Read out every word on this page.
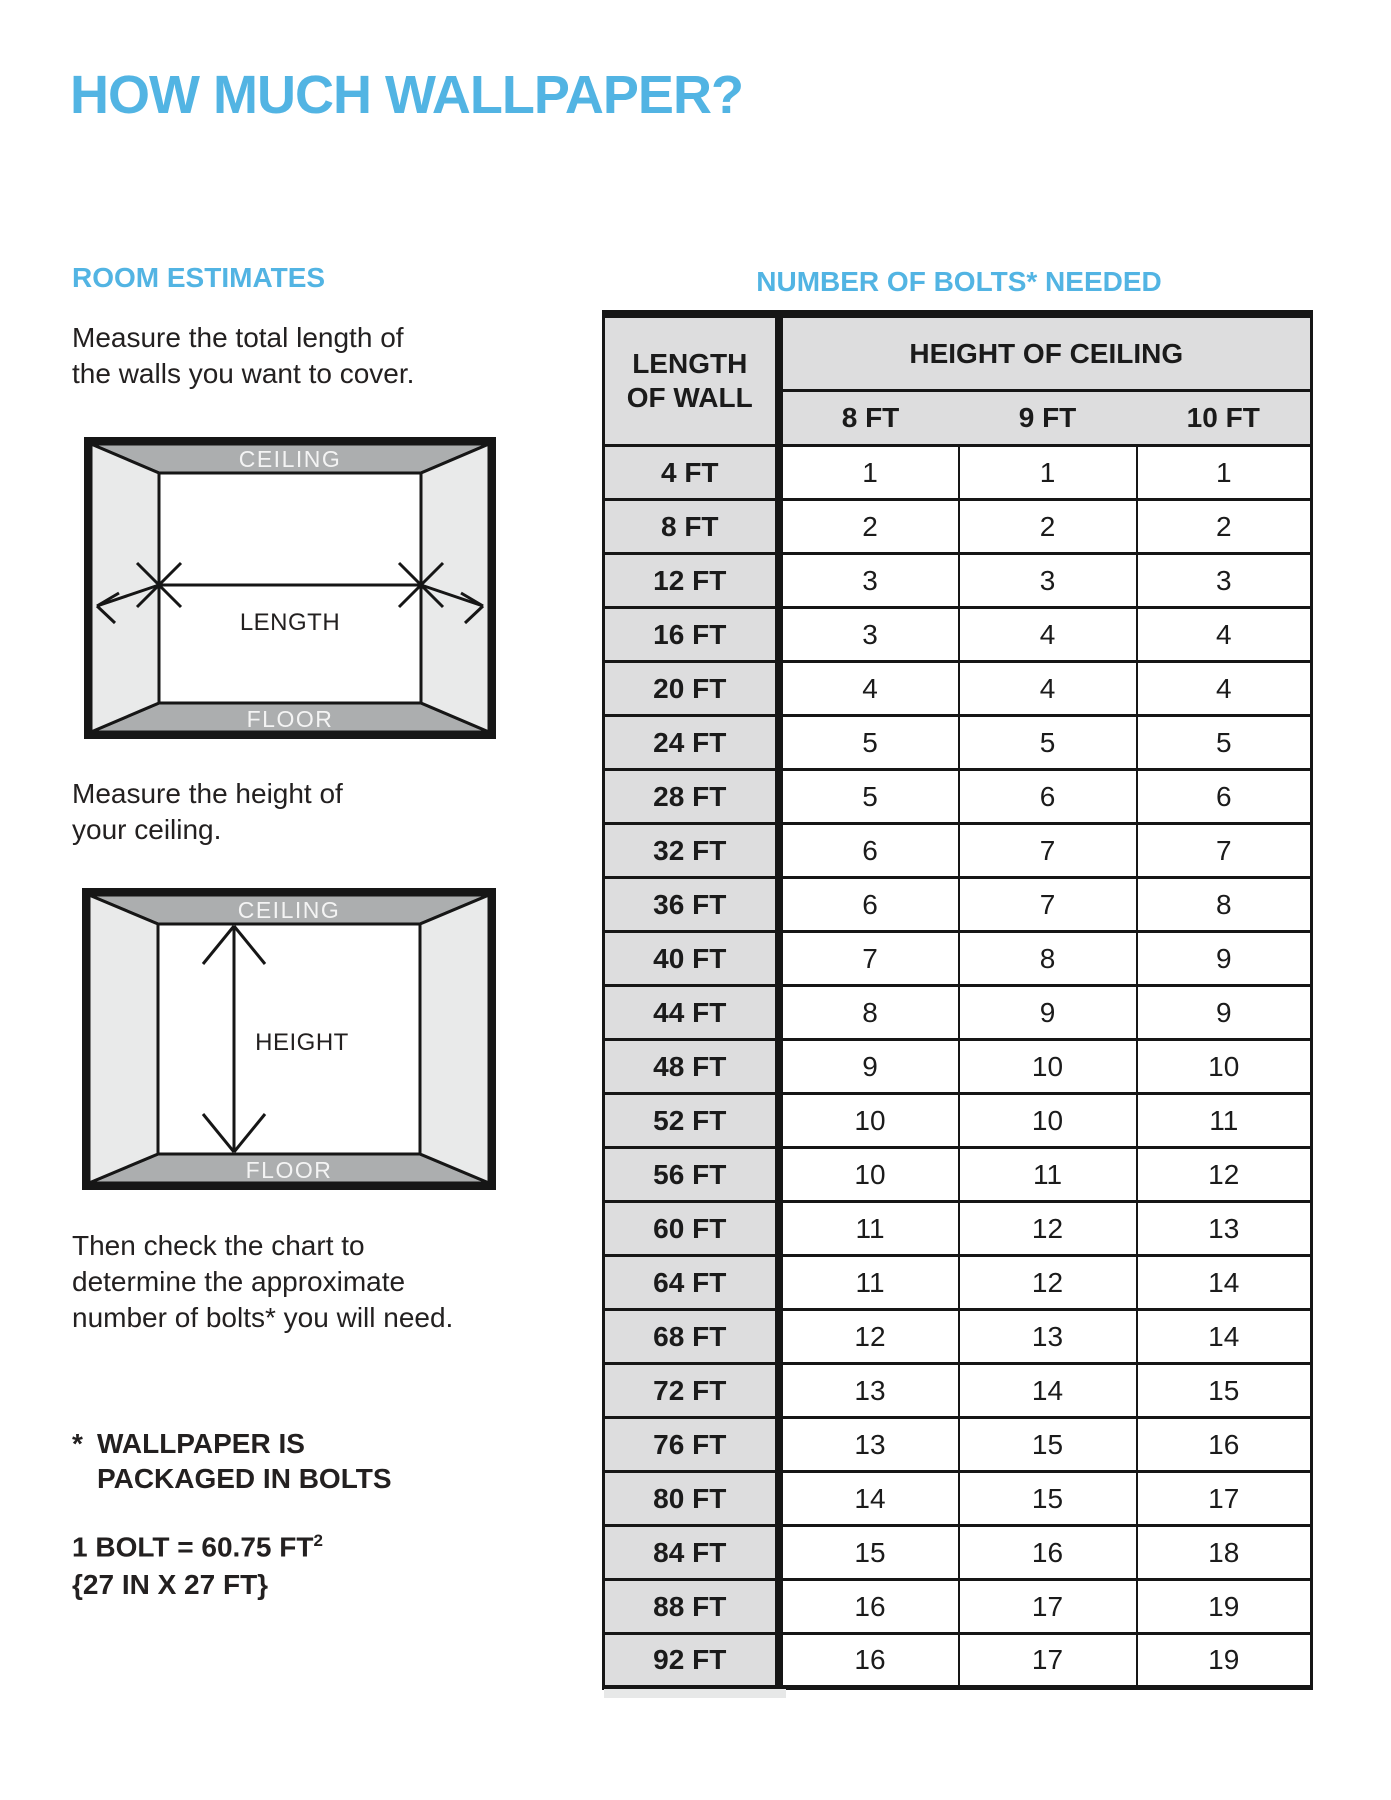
HOW MUCH WALLPAPER?
ROOM ESTIMATES

Measure the total length of
the walls you want to cover.

CEILING
FLOOR
LENGTH

Measure the height of
your ceiling.

CEILING
FLOOR
HEIGHT

Then check the chart to
determine the approximate
number of bolts* you will need.

* WALLPAPER IS
PACKAGED IN BOLTS
1 BOLT = 60.75 $FT^2$
{27 IN X 27 FT}
NUMBER OF BOLTS* NEEDED
LENGTH
OF WALL	HEIGHT OF CEILING		
	8 FT	9 FT	10 FT
4 FT	1	1	1
8 FT	2	2	2
12 FT	3	3	3
16 FT	3	4	4
20 FT	4	4	4
24 FT	5	5	5
28 FT	5	6	6
32 FT	6	7	7
36 FT	6	7	8
40 FT	7	8	9
44 FT	8	9	9
48 FT	9	10	10
52 FT	10	10	11
56 FT	10	11	12
60 FT	11	12	13
64 FT	11	12	14
68 FT	12	13	14
72 FT	13	14	15
76 FT	13	15	16
80 FT	14	15	17
84 FT	15	16	18
88 FT	16	17	19
92 FT	16	17	19
